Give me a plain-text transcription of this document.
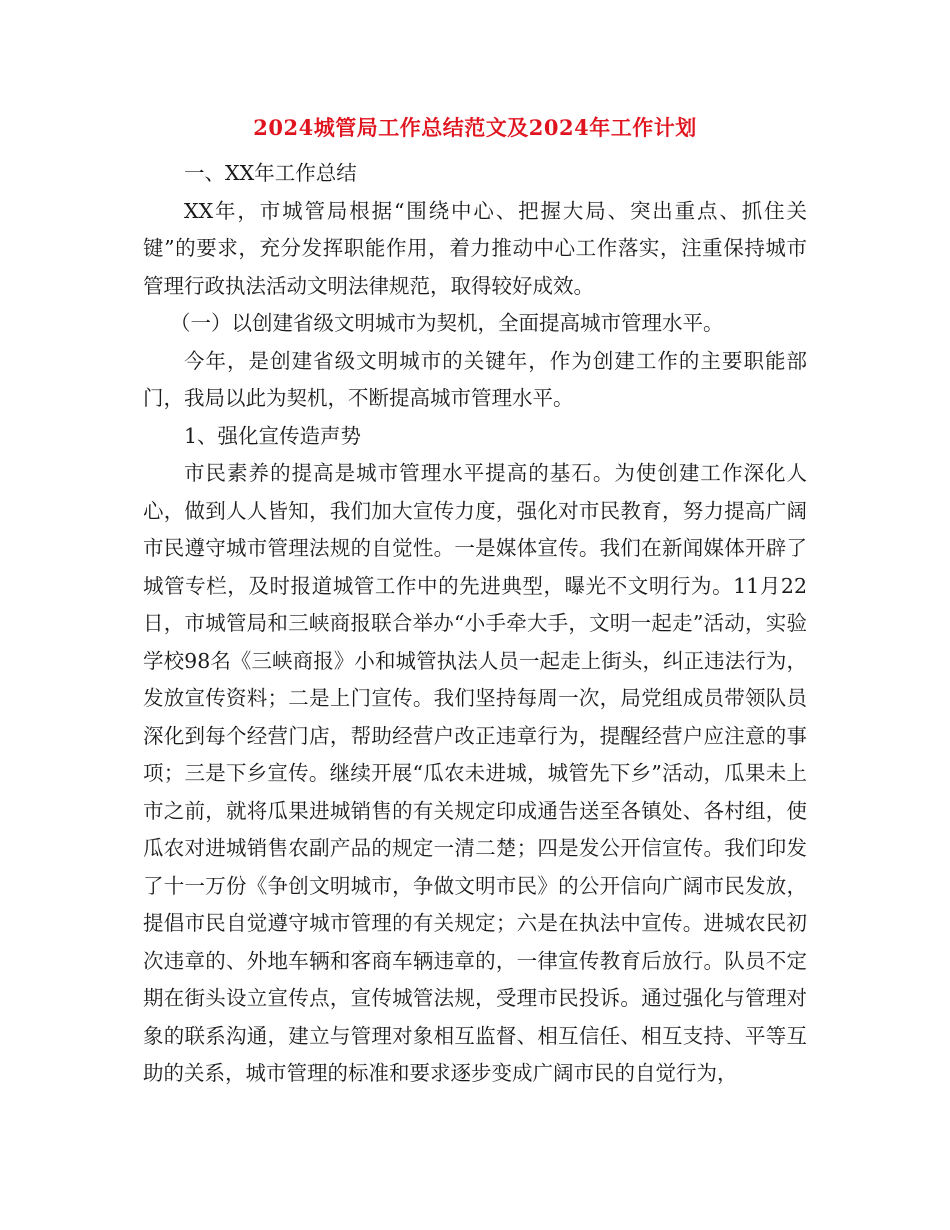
2024城管局工作总结范文及2024年工作计划

一、XX年工作总结

XX年，市城管局根据“围绕中心、把握大局、突出重点、抓住关键”的要求，充分发挥职能作用，着力推动中心工作落实，注重保持城市管理行政执法活动文明法律规范，取得较好成效。

（一）以创建省级文明城市为契机，全面提高城市管理水平。

今年，是创建省级文明城市的关键年，作为创建工作的主要职能部门，我局以此为契机，不断提高城市管理水平。

1、强化宣传造声势

市民素养的提高是城市管理水平提高的基石。为使创建工作深化人心，做到人人皆知，我们加大宣传力度，强化对市民教育，努力提高广阔市民遵守城市管理法规的自觉性。一是媒体宣传。我们在新闻媒体开辟了城管专栏，及时报道城管工作中的先进典型，曝光不文明行为。11月22日，市城管局和三峡商报联合举办“小手牵大手，文明一起走”活动，实验学校98名《三峡商报》小和城管执法人员一起走上街头，纠正违法行为，发放宣传资料；二是上门宣传。我们坚持每周一次，局党组成员带领队员深化到每个经营门店，帮助经营户改正违章行为，提醒经营户应注意的事项；三是下乡宣传。继续开展“瓜农未进城，城管先下乡”活动，瓜果未上市之前，就将瓜果进城销售的有关规定印成通告送至各镇处、各村组，使瓜农对进城销售农副产品的规定一清二楚；四是发公开信宣传。我们印发了十一万份《争创文明城市，争做文明市民》的公开信向广阔市民发放，提倡市民自觉遵守城市管理的有关规定；六是在执法中宣传。进城农民初次违章的、外地车辆和客商车辆违章的，一律宣传教育后放行。队员不定期在街头设立宣传点，宣传城管法规，受理市民投诉。通过强化与管理对象的联系沟通，建立与管理对象相互监督、相互信任、相互支持、平等互助的关系，城市管理的标准和要求逐步变成广阔市民的自觉行为，
